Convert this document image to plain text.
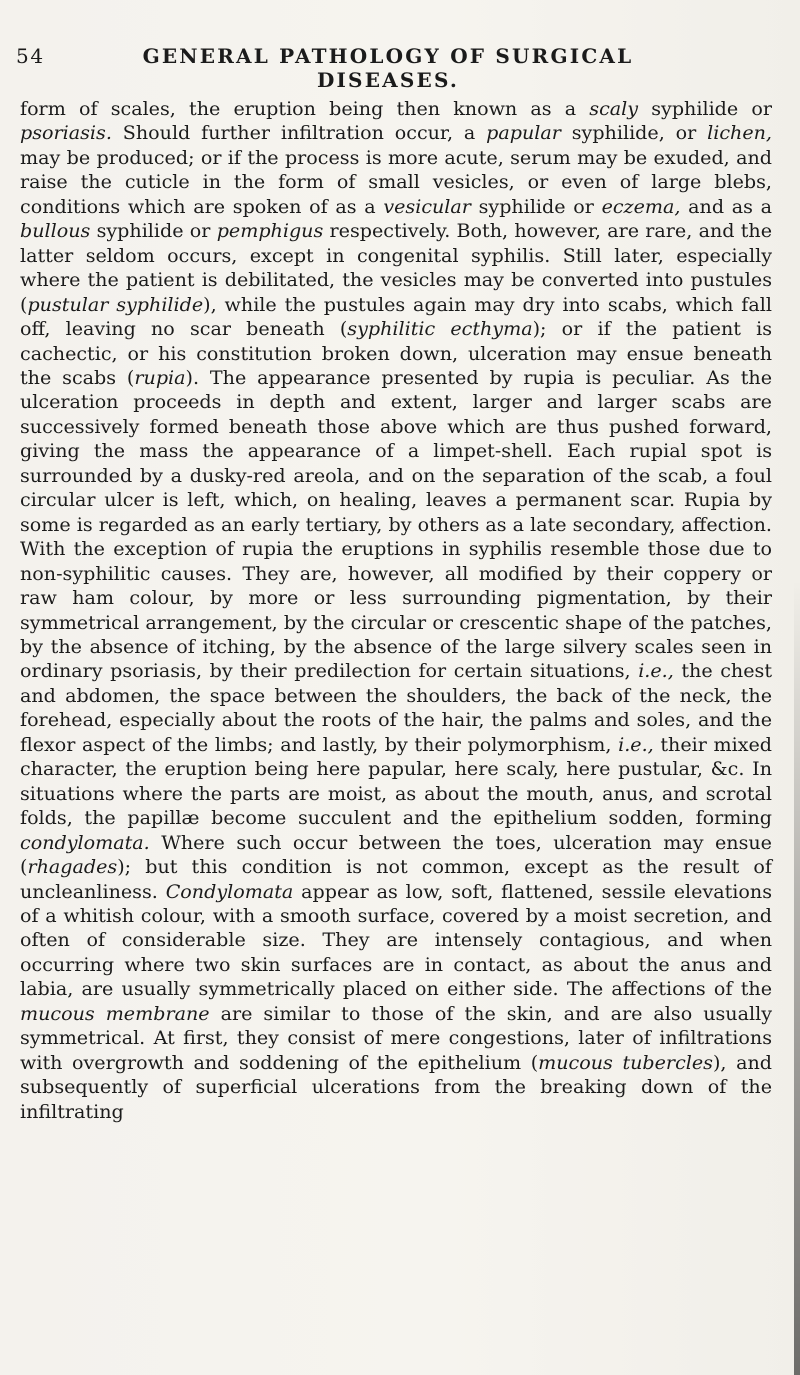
54	GENERAL PATHOLOGY OF SURGICAL DISEASES.
form of scales, the eruption being then known as a scaly syphilide or psoriasis. Should further infiltration occur, a papular syphilide, or lichen, may be produced; or if the process is more acute, serum may be exuded, and raise the cuticle in the form of small vesicles, or even of large blebs, conditions which are spoken of as a vesicular syphilide or eczema, and as a bullous syphilide or pemphigus respectively. Both, however, are rare, and the latter seldom occurs, except in congenital syphilis. Still later, especially where the patient is debilitated, the vesicles may be converted into pustules (pustular syphilide), while the pustules again may dry into scabs, which fall off, leaving no scar beneath (syphilitic ecthyma); or if the patient is cachectic, or his constitution broken down, ulceration may ensue beneath the scabs (rupia). The appearance presented by rupia is peculiar. As the ulceration proceeds in depth and extent, larger and larger scabs are successively formed beneath those above which are thus pushed forward, giving the mass the appearance of a limpet-shell. Each rupial spot is surrounded by a dusky-red areola, and on the separation of the scab, a foul circular ulcer is left, which, on healing, leaves a permanent scar. Rupia by some is regarded as an early tertiary, by others as a late secondary, affection. With the exception of rupia the eruptions in syphilis resemble those due to non-syphilitic causes. They are, however, all modified by their coppery or raw ham colour, by more or less surrounding pigmentation, by their symmetrical arrangement, by the circular or crescentic shape of the patches, by the absence of itching, by the absence of the large silvery scales seen in ordinary psoriasis, by their predilection for certain situations, i.e., the chest and abdomen, the space between the shoulders, the back of the neck, the forehead, especially about the roots of the hair, the palms and soles, and the flexor aspect of the limbs; and lastly, by their polymorphism, i.e., their mixed character, the eruption being here papular, here scaly, here pustular, &c. In situations where the parts are moist, as about the mouth, anus, and scrotal folds, the papillæ become succulent and the epithelium sodden, forming condylomata. Where such occur between the toes, ulceration may ensue (rhagades); but this condition is not common, except as the result of uncleanliness. Condylomata appear as low, soft, flattened, sessile elevations of a whitish colour, with a smooth surface, covered by a moist secretion, and often of considerable size. They are intensely contagious, and when occurring where two skin surfaces are in contact, as about the anus and labia, are usually symmetrically placed on either side. The affections of the mucous membrane are similar to those of the skin, and are also usually symmetrical. At first, they consist of mere congestions, later of infiltrations with overgrowth and soddening of the epithelium (mucous tubercles), and subsequently of superficial ulcerations from the breaking down of the infiltrating
